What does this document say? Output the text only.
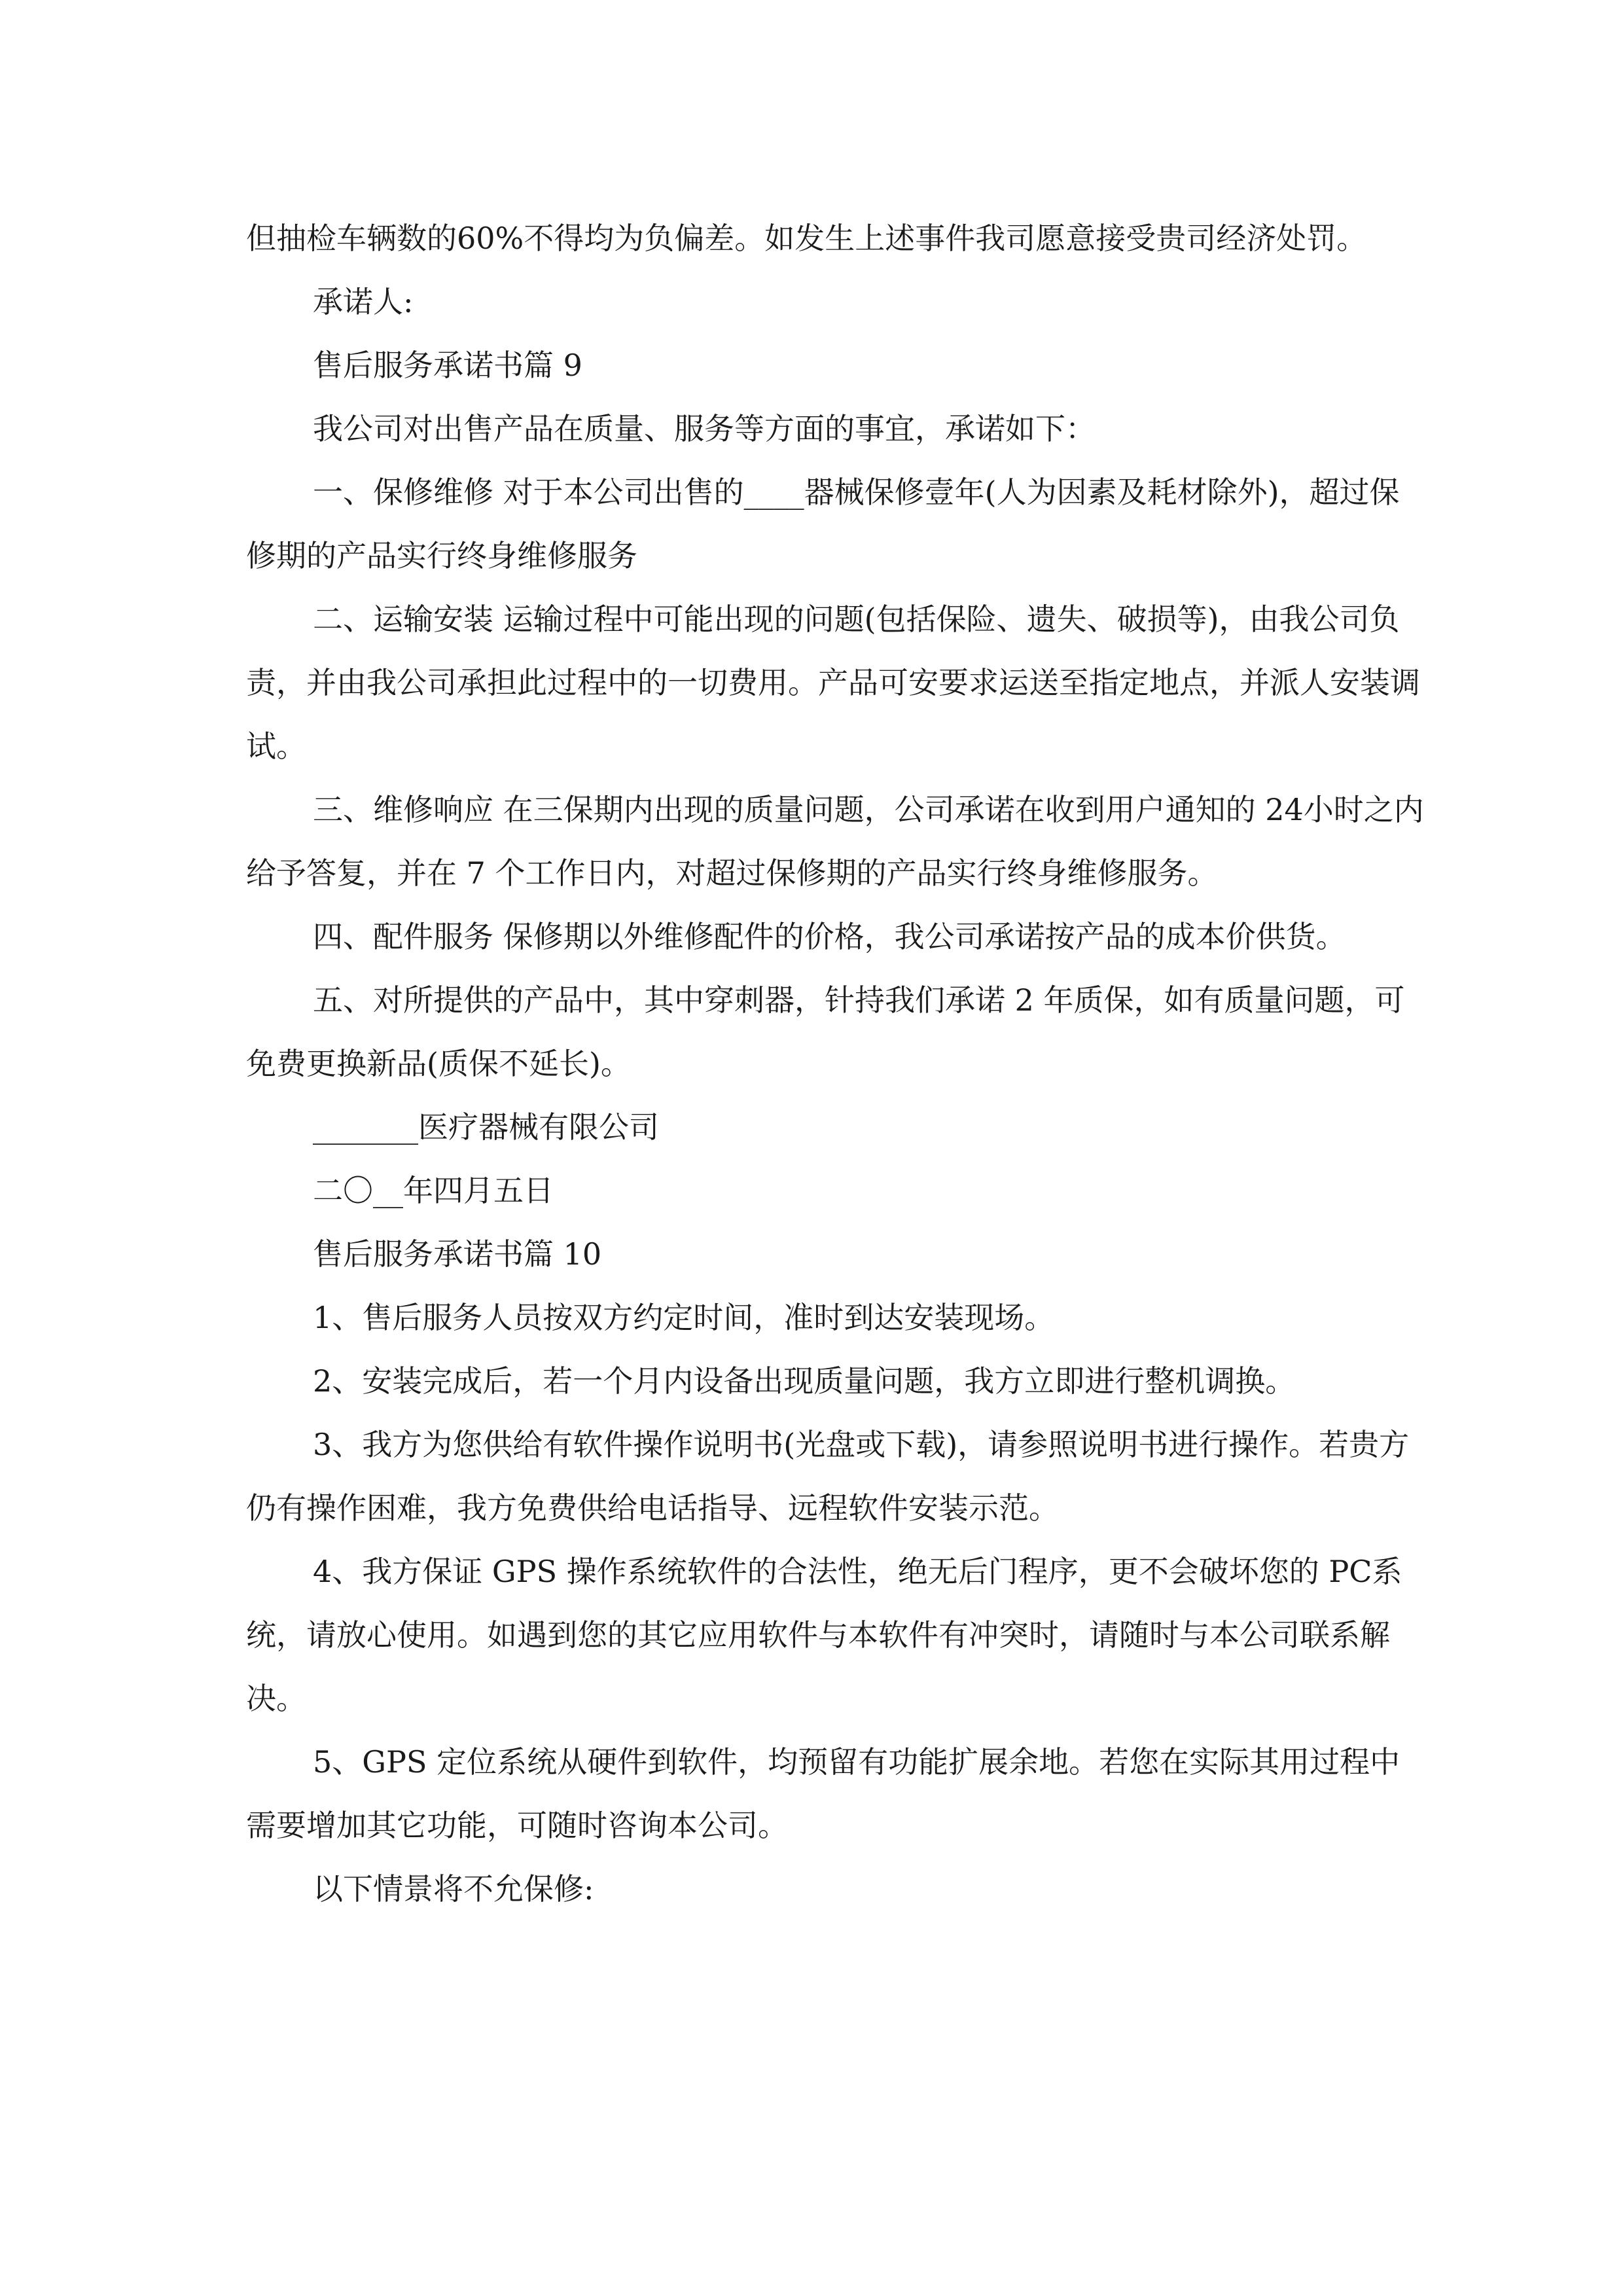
但抽检车辆数的60%不得均为负偏差。如发生上述事件我司愿意接受贵司经济处罚。

承诺人:

售后服务承诺书篇 9

我公司对出售产品在质量、服务等方面的事宜，承诺如下：

一、保修维修 对于本公司出售的____器械保修壹年(人为因素及耗材除外)，超过保修期的产品实行终身维修服务

二、运输安装 运输过程中可能出现的问题(包括保险、遗失、破损等)，由我公司负责，并由我公司承担此过程中的一切费用。产品可安要求运送至指定地点，并派人安装调试。

三、维修响应 在三保期内出现的质量问题，公司承诺在收到用户通知的 24小时之内给予答复，并在 7 个工作日内，对超过保修期的产品实行终身维修服务。

四、配件服务 保修期以外维修配件的价格，我公司承诺按产品的成本价供货。

五、对所提供的产品中，其中穿刺器，针持我们承诺 2 年质保，如有质量问题，可免费更换新品(质保不延长)。

_______医疗器械有限公司

二〇__年四月五日

售后服务承诺书篇 10

1、售后服务人员按双方约定时间，准时到达安装现场。

2、安装完成后，若一个月内设备出现质量问题，我方立即进行整机调换。

3、我方为您供给有软件操作说明书(光盘或下载)，请参照说明书进行操作。若贵方仍有操作困难，我方免费供给电话指导、远程软件安装示范。

4、我方保证 GPS 操作系统软件的合法性，绝无后门程序，更不会破坏您的 PC系统，请放心使用。如遇到您的其它应用软件与本软件有冲突时，请随时与本公司联系解决。

5、GPS 定位系统从硬件到软件，均预留有功能扩展余地。若您在实际其用过程中需要增加其它功能，可随时咨询本公司。

以下情景将不允保修:
